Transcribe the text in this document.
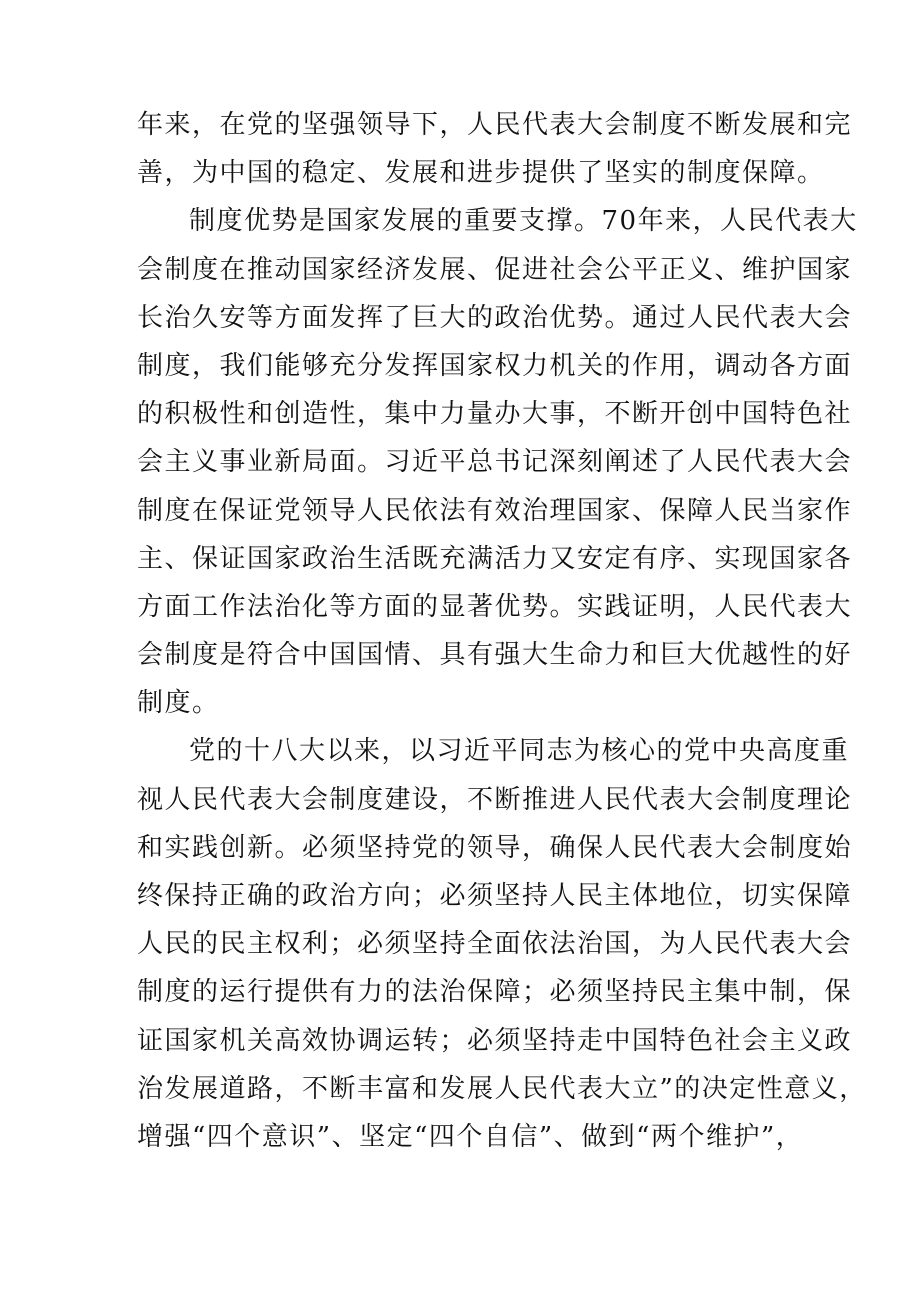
年来，在党的坚强领导下，人民代表大会制度不断发展和完
善，为中国的稳定、发展和进步提供了坚实的制度保障。
制度优势是国家发展的重要支撑。70年来，人民代表大
会制度在推动国家经济发展、促进社会公平正义、维护国家
长治久安等方面发挥了巨大的政治优势。通过人民代表大会
制度，我们能够充分发挥国家权力机关的作用，调动各方面
的积极性和创造性，集中力量办大事，不断开创中国特色社
会主义事业新局面。习近平总书记深刻阐述了人民代表大会
制度在保证党领导人民依法有效治理国家、保障人民当家作
主、保证国家政治生活既充满活力又安定有序、实现国家各
方面工作法治化等方面的显著优势。实践证明，人民代表大
会制度是符合中国国情、具有强大生命力和巨大优越性的好
制度。
党的十八大以来，以习近平同志为核心的党中央高度重
视人民代表大会制度建设，不断推进人民代表大会制度理论
和实践创新。必须坚持党的领导，确保人民代表大会制度始
终保持正确的政治方向；必须坚持人民主体地位，切实保障
人民的民主权利；必须坚持全面依法治国，为人民代表大会
制度的运行提供有力的法治保障；必须坚持民主集中制，保
证国家机关高效协调运转；必须坚持走中国特色社会主义政
治发展道路，不断丰富和发展人民代表大立”的决定性意义，
增强“四个意识”、坚定“四个自信”、做到“两个维护”，
